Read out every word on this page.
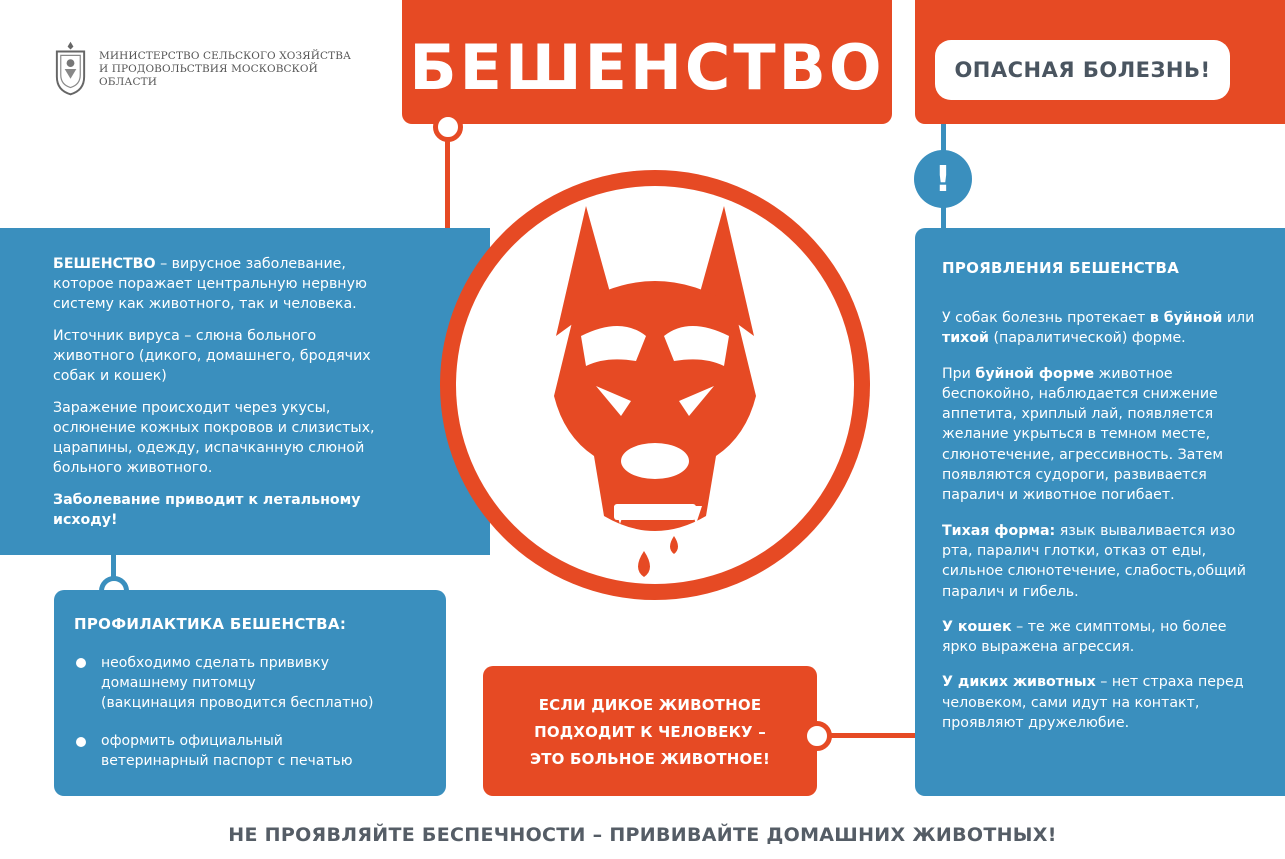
МИНИСТЕРСТВО СЕЛЬСКОГО ХОЗЯЙСТВА
И ПРОДОВОЛЬСТВИЯ МОСКОВСКОЙ ОБЛАСТИ	БЕШЕНСТВО	ОПАСНАЯ БОЛЕЗНЬ!
!

БЕШЕНСТВО – вирусное заболевание, которое поражает центральную нервную систему как животного, так и человека.

Источник вируса – слюна больного животного (дикого, домашнего, бродячих собак и кошек)

Заражение происходит через укусы, ослюнение кожных покровов и слизистых, царапины, одежду, испачканную слюной больного животного.

Заболевание приводит к летальному исходу!

ПРОФИЛАКТИКА БЕШЕНСТВА:
необходимо сделать прививку домашнему питомцу
(вакцинация проводится бесплатно)
оформить официальный ветеринарный паспорт с печатью
ЕСЛИ ДИКОЕ ЖИВОТНОЕ
ПОДХОДИТ К ЧЕЛОВЕКУ –
ЭТО БОЛЬНОЕ ЖИВОТНОЕ!
ПРОЯВЛЕНИЯ БЕШЕНСТВА

У собак болезнь протекает в буйной или тихой (паралитической) форме.

При буйной форме животное беспокойно, наблюдается снижение аппетита, хриплый лай, появляется желание укрыться в темном месте, слюнотечение, агрессивность. Затем появляются судороги, развивается паралич и животное погибает.

Тихая форма: язык вываливается изо рта, паралич глотки, отказ от еды, сильное слюнотечение, слабость,общий паралич и гибель.

У кошек – те же симптомы, но более ярко выражена агрессия.

У диких животных – нет страха перед человеком, сами идут на контакт, проявляют дружелюбие.

НЕ ПРОЯВЛЯЙТЕ БЕСПЕЧНОСТИ – ПРИВИВАЙТЕ ДОМАШНИХ ЖИВОТНЫХ!
